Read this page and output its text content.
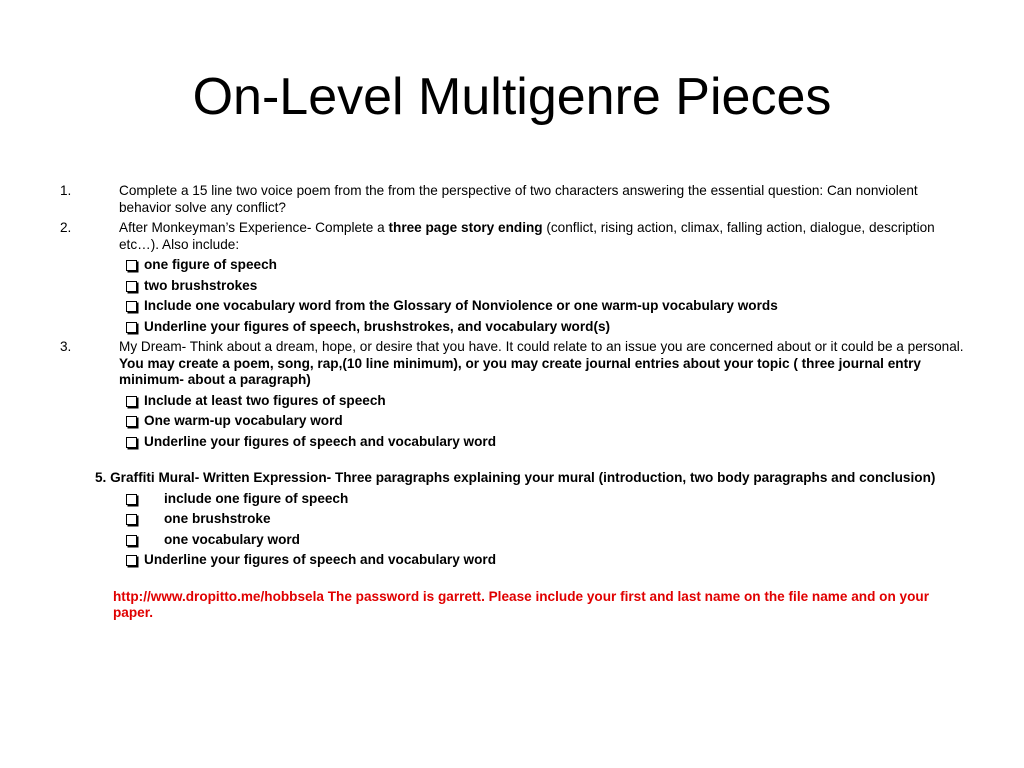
On-Level Multigenre Pieces
1.	Complete a 15 line two voice poem from the from the perspective of two characters answering the essential question: Can nonviolent behavior solve any conflict?
2.	After Monkeyman’s Experience- Complete a three page story ending (conflict, rising action, climax, falling action, dialogue, description etc…). Also include:
one figure of speech
two brushstrokes
Include one vocabulary word from the Glossary of Nonviolence or one warm-up vocabulary words
Underline your figures of speech, brushstrokes, and vocabulary word(s)
3.	My Dream- Think about a dream, hope, or desire that you have. It could relate to an issue you are concerned about or it could be a personal. You may create a poem, song, rap,(10 line minimum), or you may create journal entries about your topic ( three journal entry minimum- about a paragraph)
Include at least two figures of speech
One warm-up vocabulary word
Underline your figures of speech and vocabulary word
5. Graffiti Mural- Written Expression- Three paragraphs explaining your mural (introduction, two body paragraphs and conclusion)
include one figure of speech
one brushstroke
one vocabulary word
Underline your figures of speech and vocabulary word
http://www.dropitto.me/hobbsela The password is garrett. Please include your first and last name on the file name and on your paper.
